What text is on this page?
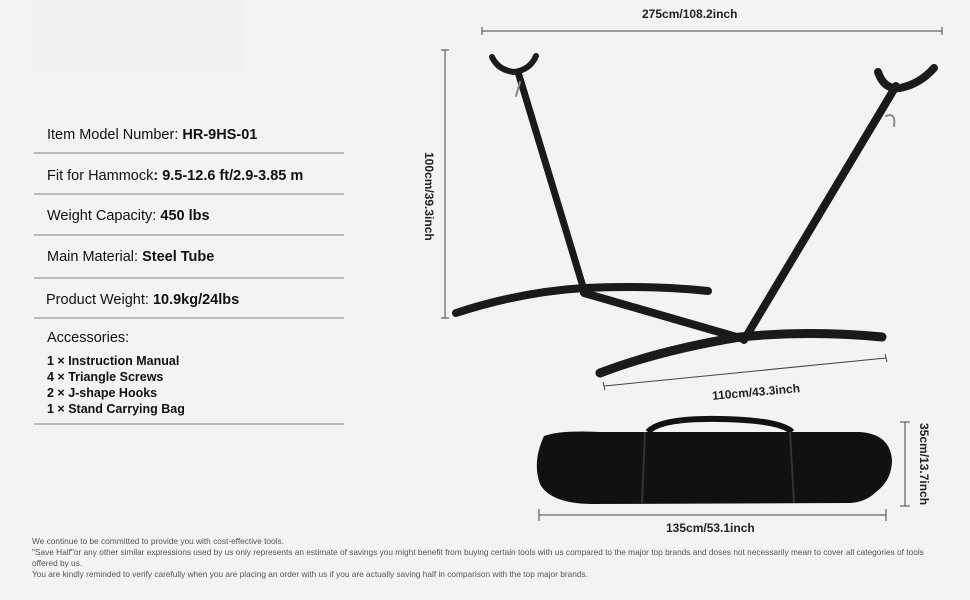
Item Model Number: HR-9HS-01
Fit for Hammock: 9.5-12.6 ft/2.9-3.85 m
Weight Capacity: 450 lbs
Main Material: Steel Tube
Product Weight: 10.9kg/24lbs
Accessories:
1 × Instruction Manual
4 × Triangle Screws
2 × J-shape Hooks
1 × Stand Carrying Bag
275cm/108.2inch
100cm/39.3inch
110cm/43.3inch
135cm/53.1inch
35cm/13.7inch
We continue to be committed to provide you with cost-effective tools.
"Save Half"or any other similar expressions used by us only represents an estimate of savings you might benefit from buying certain tools with us compared to the major top brands and doses not necessarily mean to cover all categories of tools offered by us.
You are kindly reminded to verify carefully when you are placing an order with us if you are actually saving half in comparison with the top major brands.
